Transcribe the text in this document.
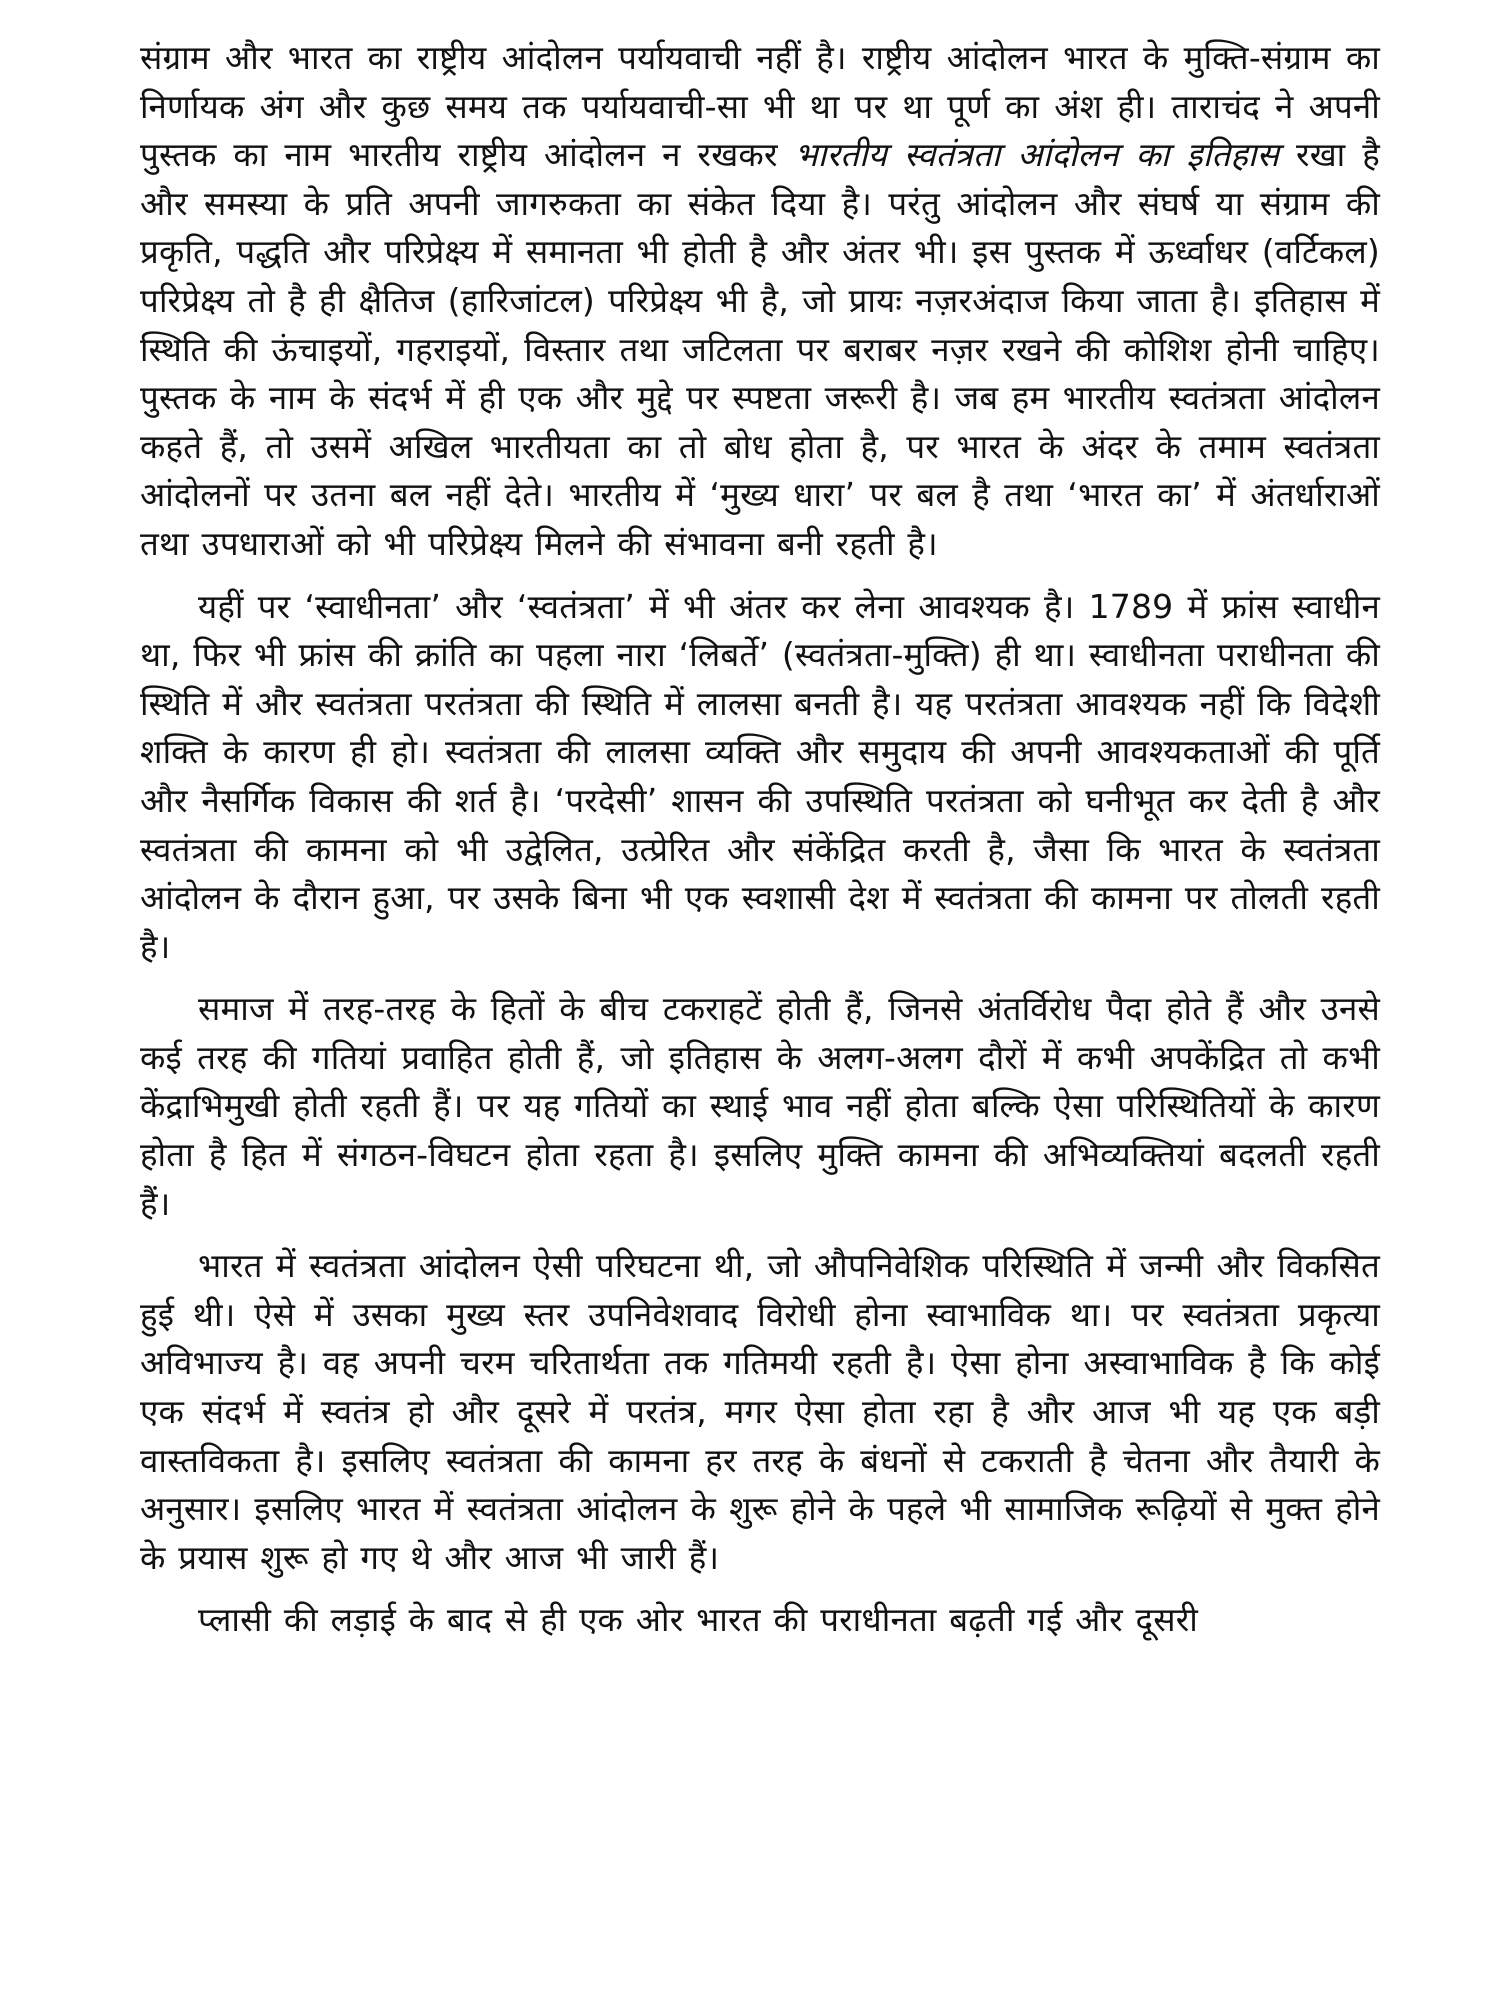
संग्राम और भारत का राष्ट्रीय आंदोलन पर्यायवाची नहीं है। राष्ट्रीय आंदोलन भारत के मुक्ति-संग्राम का निर्णायक अंग और कुछ समय तक पर्यायवाची-सा भी था पर था पूर्ण का अंश ही। ताराचंद ने अपनी पुस्तक का नाम भारतीय राष्ट्रीय आंदोलन न रखकर भारतीय स्वतंत्रता आंदोलन का इतिहास रखा है और समस्या के प्रति अपनी जागरुकता का संकेत दिया है। परंतु आंदोलन और संघर्ष या संग्राम की प्रकृति, पद्धति और परिप्रेक्ष्य में समानता भी होती है और अंतर भी। इस पुस्तक में ऊर्ध्वाधर (वर्टिकल) परिप्रेक्ष्य तो है ही क्षैतिज (हारिजांटल) परिप्रेक्ष्य भी है, जो प्रायः नज़रअंदाज किया जाता है। इतिहास में स्थिति की ऊंचाइयों, गहराइयों, विस्तार तथा जटिलता पर बराबर नज़र रखने की कोशिश होनी चाहिए। पुस्तक के नाम के संदर्भ में ही एक और मुद्दे पर स्पष्टता जरूरी है। जब हम भारतीय स्वतंत्रता आंदोलन कहते हैं, तो उसमें अखिल भारतीयता का तो बोध होता है, पर भारत के अंदर के तमाम स्वतंत्रता आंदोलनों पर उतना बल नहीं देते। भारतीय में ‘मुख्य धारा’ पर बल है तथा ‘भारत का’ में अंतर्धाराओं तथा उपधाराओं को भी परिप्रेक्ष्य मिलने की संभावना बनी रहती है।

यहीं पर ‘स्वाधीनता’ और ‘स्वतंत्रता’ में भी अंतर कर लेना आवश्यक है। 1789 में फ्रांस स्वाधीन था, फिर भी फ्रांस की क्रांति का पहला नारा ‘लिबर्ते’ (स्वतंत्रता-मुक्ति) ही था। स्वाधीनता पराधीनता की स्थिति में और स्वतंत्रता परतंत्रता की स्थिति में लालसा बनती है। यह परतंत्रता आवश्यक नहीं कि विदेशी शक्ति के कारण ही हो। स्वतंत्रता की लालसा व्यक्ति और समुदाय की अपनी आवश्यकताओं की पूर्ति और नैसर्गिक विकास की शर्त है। ‘परदेसी’ शासन की उपस्थिति परतंत्रता को घनीभूत कर देती है और स्वतंत्रता की कामना को भी उद्वेलित, उत्प्रेरित और संकेंद्रित करती है, जैसा कि भारत के स्वतंत्रता आंदोलन के दौरान हुआ, पर उसके बिना भी एक स्वशासी देश में स्वतंत्रता की कामना पर तोलती रहती है।

समाज में तरह-तरह के हितों के बीच टकराहटें होती हैं, जिनसे अंतर्विरोध पैदा होते हैं और उनसे कई तरह की गतियां प्रवाहित होती हैं, जो इतिहास के अलग-अलग दौरों में कभी अपकेंद्रित तो कभी केंद्राभिमुखी होती रहती हैं। पर यह गतियों का स्थाई भाव नहीं होता बल्कि ऐसा परिस्थितियों के कारण होता है हित में संगठन-विघटन होता रहता है। इसलिए मुक्ति कामना की अभिव्यक्तियां बदलती रहती हैं।

भारत में स्वतंत्रता आंदोलन ऐसी परिघटना थी, जो औपनिवेशिक परिस्थिति में जन्मी और विकसित हुई थी। ऐसे में उसका मुख्य स्तर उपनिवेशवाद विरोधी होना स्वाभाविक था। पर स्वतंत्रता प्रकृत्या अविभाज्य है। वह अपनी चरम चरितार्थता तक गतिमयी रहती है। ऐसा होना अस्वाभाविक है कि कोई एक संदर्भ में स्वतंत्र हो और दूसरे में परतंत्र, मगर ऐसा होता रहा है और आज भी यह एक बड़ी वास्तविकता है। इसलिए स्वतंत्रता की कामना हर तरह के बंधनों से टकराती है चेतना और तैयारी के अनुसार। इसलिए भारत में स्वतंत्रता आंदोलन के शुरू होने के पहले भी सामाजिक रूढ़ियों से मुक्त होने के प्रयास शुरू हो गए थे और आज भी जारी हैं।

प्लासी की लड़ाई के बाद से ही एक ओर भारत की पराधीनता बढ़ती गई और दूसरी
